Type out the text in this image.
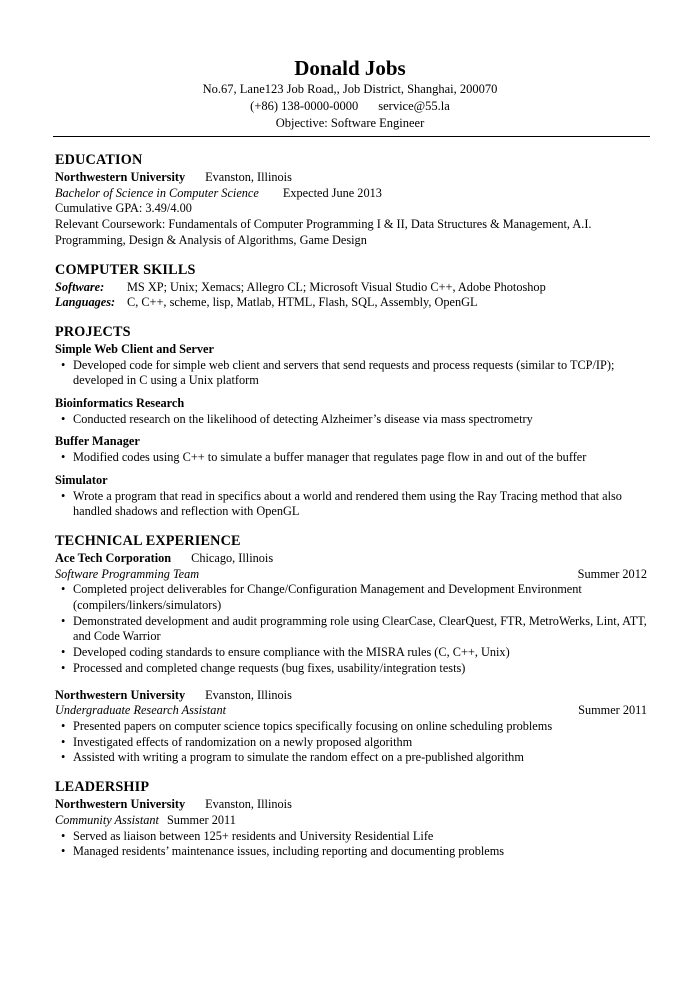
Donald Jobs

No.67, Lane123 Job Road,, Job District, Shanghai, 200070

(+86) 138-0000-0000 service@55.la

Objective: Software Engineer

EDUCATION

Northwestern University Evanston, Illinois

Bachelor of Science in Computer Science Expected June 2013

Cumulative GPA: 3.49/4.00

Relevant Coursework: Fundamentals of Computer Programming I & II, Data Structures & Management, A.I. Programming, Design & Analysis of Algorithms, Game Design

COMPUTER SKILLS

Software: MS XP; Unix; Xemacs; Allegro CL; Microsoft Visual Studio C++, Adobe Photoshop

Languages: C, C++, scheme, lisp, Matlab, HTML, Flash, SQL, Assembly, OpenGL

PROJECTS

Simple Web Client and Server

• Developed code for simple web client and servers that send requests and process requests (similar to TCP/IP); developed in C using a Unix platform

Bioinformatics Research

• Conducted research on the likelihood of detecting Alzheimer’s disease via mass spectrometry

Buffer Manager

• Modified codes using C++ to simulate a buffer manager that regulates page flow in and out of the buffer

Simulator

• Wrote a program that read in specifics about a world and rendered them using the Ray Tracing method that also handled shadows and reflection with OpenGL

TECHNICAL EXPERIENCE

Ace Tech Corporation Chicago, Illinois

Software Programming Team	Summer 2012

• Completed project deliverables for Change/Configuration Management and Development Environment (compilers/linkers/simulators)
• Demonstrated development and audit programming role using ClearCase, ClearQuest, FTR, MetroWerks, Lint, ATT, and Code Warrior
• Developed coding standards to ensure compliance with the MISRA rules (C, C++, Unix)
• Processed and completed change requests (bug fixes, usability/integration tests)

Northwestern University Evanston, Illinois

Undergraduate Research Assistant	Summer 2011

• Presented papers on computer science topics specifically focusing on online scheduling problems
• Investigated effects of randomization on a newly proposed algorithm
• Assisted with writing a program to simulate the random effect on a pre-published algorithm

LEADERSHIP

Northwestern University Evanston, Illinois

Community Assistant Summer 2011

• Served as liaison between 125+ residents and University Residential Life
• Managed residents’ maintenance issues, including reporting and documenting problems
